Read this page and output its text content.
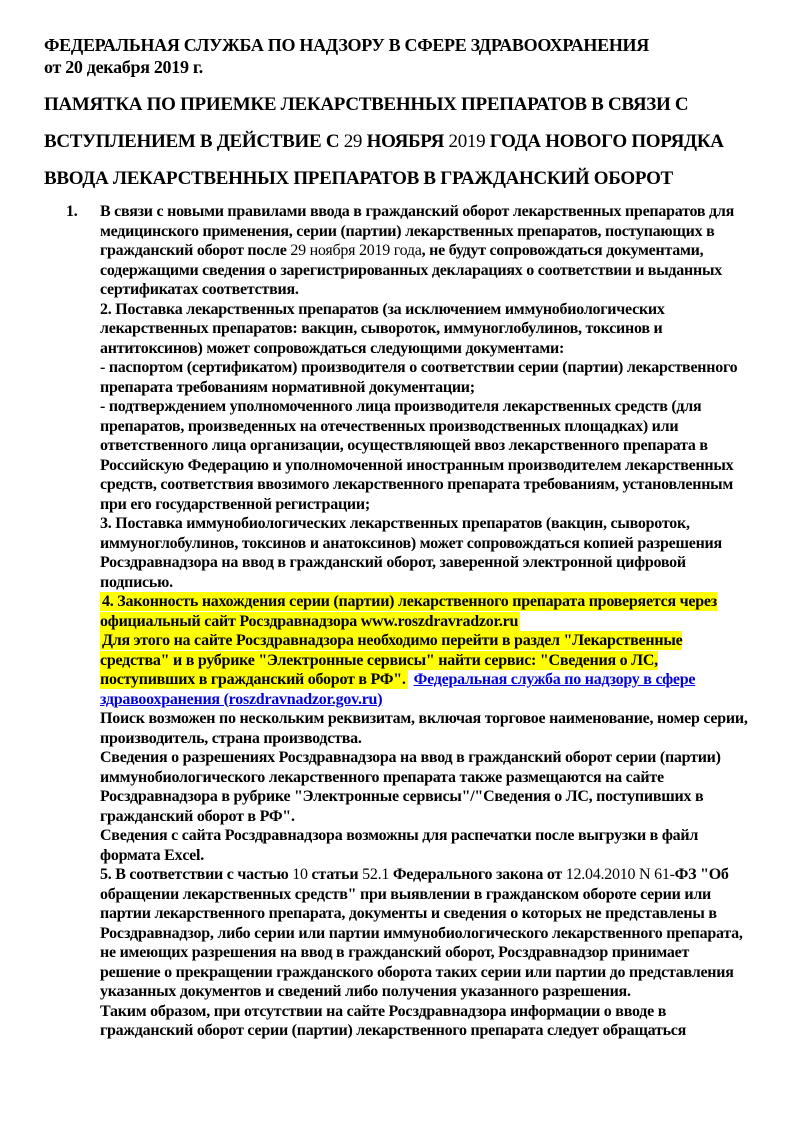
ФЕДЕРАЛЬНАЯ СЛУЖБА ПО НАДЗОРУ В СФЕРЕ ЗДРАВООХРАНЕНИЯ
от 20 декабря 2019 г.
ПАМЯТКА ПО ПРИЕМКЕ ЛЕКАРСТВЕННЫХ ПРЕПАРАТОВ В СВЯЗИ С
ВСТУПЛЕНИЕМ В ДЕЙСТВИЕ С 29 НОЯБРЯ 2019 ГОДА НОВОГО ПОРЯДКА
ВВОДА ЛЕКАРСТВЕННЫХ ПРЕПАРАТОВ В ГРАЖДАНСКИЙ ОБОРОТ

1. В связи с новыми правилами ввода в гражданский оборот лекарственных препаратов для медицинского применения, серии (партии) лекарственных препаратов, поступающих в гражданский оборот после 29 ноября 2019 года, не будут сопровождаться документами, содержащими сведения о зарегистрированных декларациях о соответствии и выданных сертификатах соответствия.

2. Поставка лекарственных препаратов (за исключением иммунобиологических лекарственных препаратов: вакцин, сывороток, иммуноглобулинов, токсинов и антитоксинов) может сопровождаться следующими документами:

- паспортом (сертификатом) производителя о соответствии серии (партии) лекарственного препарата требованиям нормативной документации;

- подтверждением уполномоченного лица производителя лекарственных средств (для препаратов, произведенных на отечественных производственных площадках) или ответственного лица организации, осуществляющей ввоз лекарственного препарата в Российскую Федерацию и уполномоченной иностранным производителем лекарственных средств, соответствия ввозимого лекарственного препарата требованиям, установленным при его государственной регистрации;

3. Поставка иммунобиологических лекарственных препаратов (вакцин, сывороток, иммуноглобулинов, токсинов и анатоксинов) может сопровождаться копией разрешения Росздравнадзора на ввод в гражданский оборот, заверенной электронной цифровой подписью.

4. Законность нахождения серии (партии) лекарственного препарата проверяется через официальный сайт Росздравнадзора www.roszdravradzor.ru

Для этого на сайте Росздравнадзора необходимо перейти в раздел "Лекарственные средства" и в рубрике "Электронные сервисы" найти сервис: "Сведения о ЛС, поступивших в гражданский оборот в РФ". Федеральная служба по надзору в сфере здравоохранения (roszdravnadzor.gov.ru)

Поиск возможен по нескольким реквизитам, включая торговое наименование, номер серии, производитель, страна производства.

Сведения о разрешениях Росздравнадзора на ввод в гражданский оборот серии (партии) иммунобиологического лекарственного препарата также размещаются на сайте Росздравнадзора в рубрике "Электронные сервисы"/"Сведения о ЛС, поступивших в гражданский оборот в РФ".

Сведения с сайта Росздравнадзора возможны для распечатки после выгрузки в файл формата Excel.

5. В соответствии с частью 10 статьи 52.1 Федерального закона от 12.04.2010 N 61-ФЗ "Об обращении лекарственных средств" при выявлении в гражданском обороте серии или партии лекарственного препарата, документы и сведения о которых не представлены в Росздравнадзор, либо серии или партии иммунобиологического лекарственного препарата, не имеющих разрешения на ввод в гражданский оборот, Росздравнадзор принимает решение о прекращении гражданского оборота таких серии или партии до представления указанных документов и сведений либо получения указанного разрешения.

Таким образом, при отсутствии на сайте Росздравнадзора информации о вводе в гражданский оборот серии (партии) лекарственного препарата следует обращаться
